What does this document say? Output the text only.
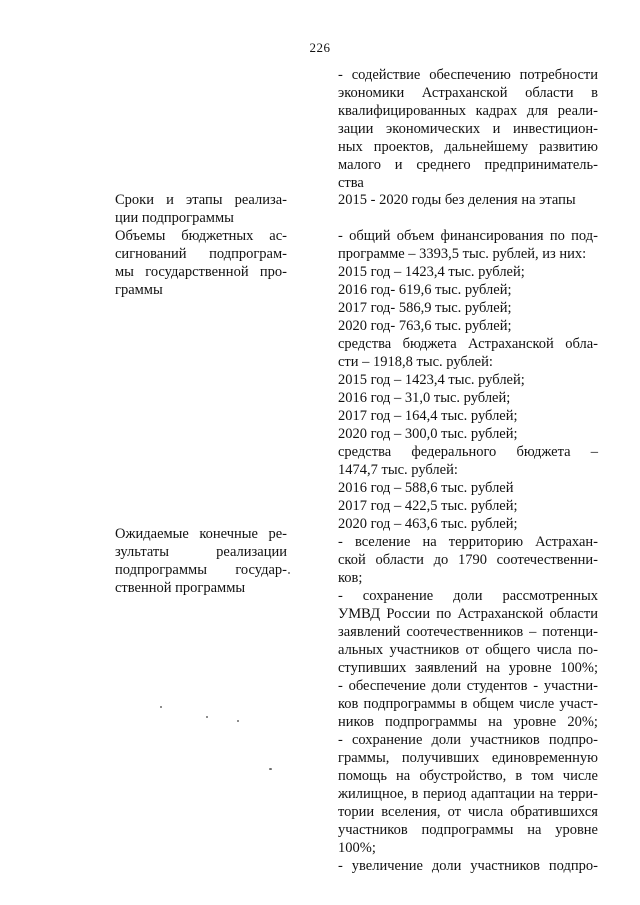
226
Сроки и этапы реализа-
ции подпрограммы
Объемы бюджетных ас-
сигнований подпрограм-
мы государственной про-
граммы
Ожидаемые конечные ре-
зультаты	реализации
подпрограммы государ-
ственной программы
- содействие обеспечению потребности
экономики Астраханской области в
квалифицированных кадрах для реали-
зации экономических и инвестицион-
ных проектов, дальнейшему развитию
малого и среднего предприниматель-
ства
2015 - 2020 годы без деления на этапы
- общий объем финансирования по под-
программе – 3393,5 тыс. рублей, из них:
2015 год – 1423,4 тыс. рублей;
2016 год- 619,6 тыс. рублей;
2017 год- 586,9 тыс. рублей;
2020 год- 763,6 тыс. рублей;
средства бюджета Астраханской обла-
сти – 1918,8 тыс. рублей:
2015 год – 1423,4 тыс. рублей;
2016 год – 31,0 тыс. рублей;
2017 год – 164,4 тыс. рублей;
2020 год – 300,0 тыс. рублей;
средства федерального бюджета –
1474,7 тыс. рублей:
2016 год – 588,6 тыс. рублей
2017 год – 422,5 тыс. рублей;
2020 год – 463,6 тыс. рублей;
- вселение на территорию Астрахан-
ской области до 1790 соотечественни-
ков;
- сохранение доли рассмотренных
УМВД России по Астраханской области
заявлений соотечественников – потенци-
альных участников от общего числа по-
ступивших заявлений на уровне 100%;
- обеспечение доли студентов - участни-
ков подпрограммы в общем числе участ-
ников подпрограммы на уровне 20%;
- сохранение доли участников подпро-
граммы, получивших единовременную
помощь на обустройство, в том числе
жилищное, в период адаптации на терри-
тории вселения, от числа обратившихся
участников подпрограммы на уровне
100%;
- увеличение доли участников подпро-
